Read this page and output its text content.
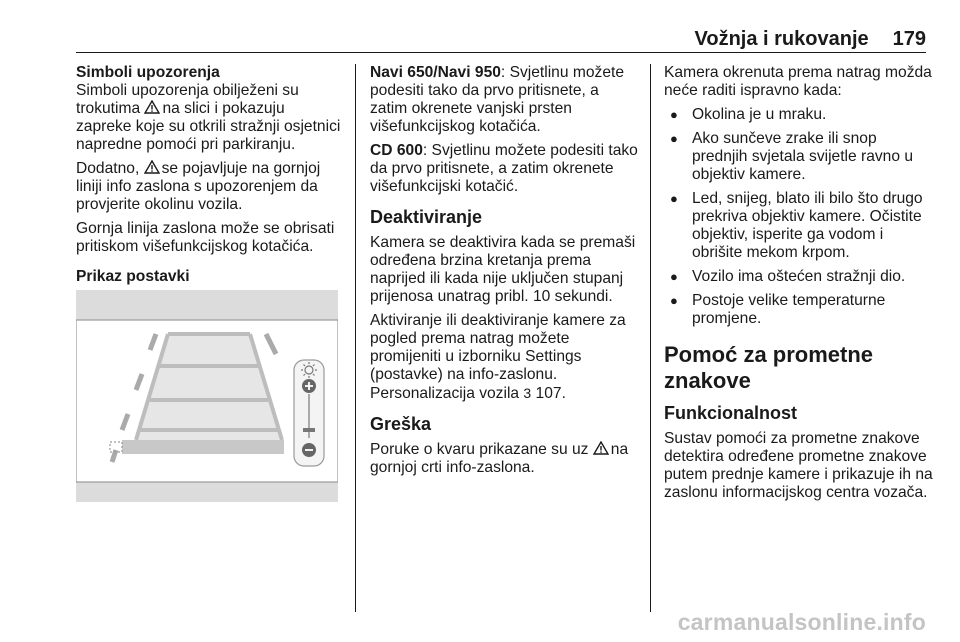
Vožnja i rukovanje 179
Simboli upozorenja

Simboli upozorenja obilježeni su trokutima na slici i pokazuju zapreke koje su otkrili stražnji osjetnici napredne pomoći pri parkiranju.

Dodatno, se pojavljuje na gornjoj liniji info zaslona s upozorenjem da provjerite okolinu vozila.

Gornja linija zaslona može se obrisati pritiskom višefunkcijskog kotačića.

Prikaz postavki

Navi 650/Navi 950: Svjetlinu možete podesiti tako da prvo pritisnete, a zatim okrenete vanjski prsten višefunkcijskog kotačića.

CD 600: Svjetlinu možete podesiti tako da prvo pritisnete, a zatim okrenete višefunkcijski kotačić.

Deaktiviranje

Kamera se deaktivira kada se premaši određena brzina kretanja prema naprijed ili kada nije uključen stupanj prijenosa unatrag pribl. 10 sekundi.

Aktiviranje ili deaktiviranje kamere za pogled prema natrag možete promijeniti u izborniku Settings (postavke) na info-zaslonu. Personalizacija vozila 3 107.

Greška

Poruke o kvaru prikazane su uz na gornjoj crti info-zaslona.

Kamera okrenuta prema natrag možda neće raditi ispravno kada:

● Okolina je u mraku.
● Ako sunčeve zrake ili snop prednjih svjetala svijetle ravno u objektiv kamere.
● Led, snijeg, blato ili bilo što drugo prekriva objektiv kamere. Očistite objektiv, isperite ga vodom i obrišite mekom krpom.
● Vozilo ima oštećen stražnji dio.
● Postoje velike temperaturne promjene.
Pomoć za prometne znakove
Funkcionalnost

Sustav pomoći za prometne znakove detektira određene prometne znakove putem prednje kamere i prikazuje ih na zaslonu informacijskog centra vozača.

carmanualsonline.info
